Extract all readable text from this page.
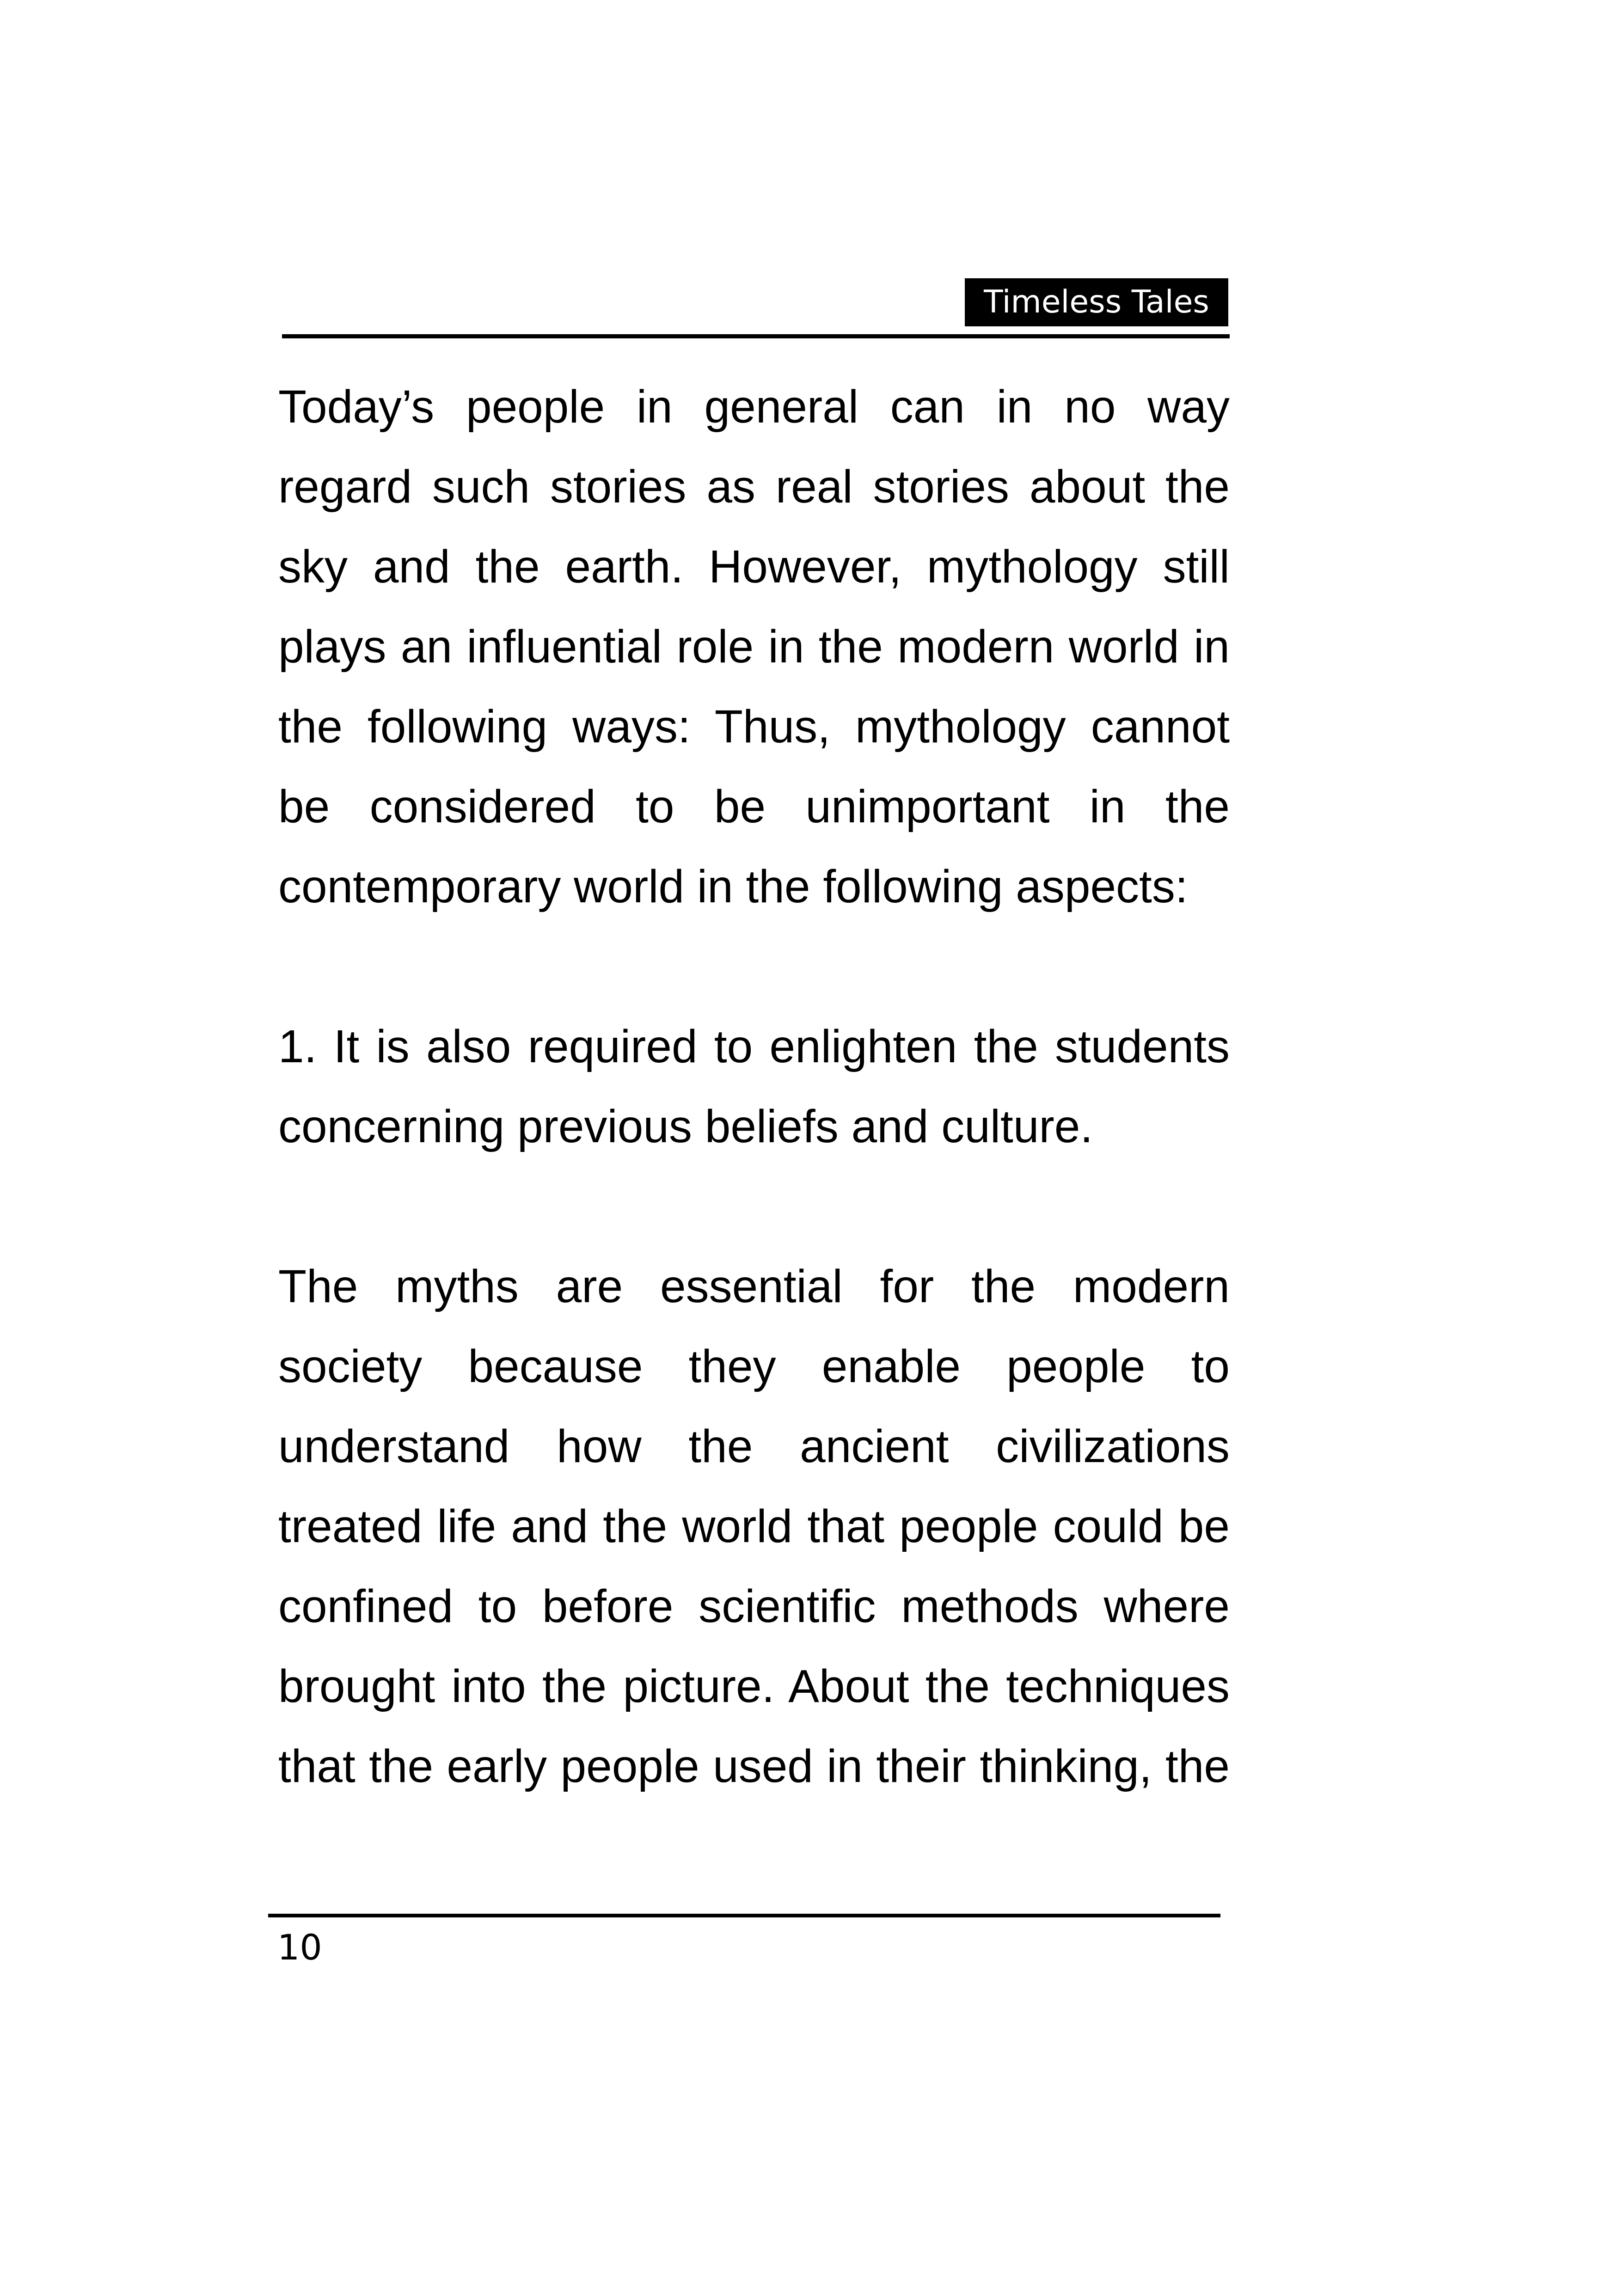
Timeless Tales

Today’s people in general can in no way
regard such stories as real stories about the
sky and the earth. However, mythology still
plays an influential role in the modern world in
the following ways: Thus, mythology cannot
be considered to be unimportant in the
contemporary world in the following aspects:

1. It is also required to enlighten the students
concerning previous beliefs and culture.

The myths are essential for the modern
society because they enable people to
understand how the ancient civilizations
treated life and the world that people could be
confined to before scientific methods where
brought into the picture. About the techniques
that the early people used in their thinking, the

10
